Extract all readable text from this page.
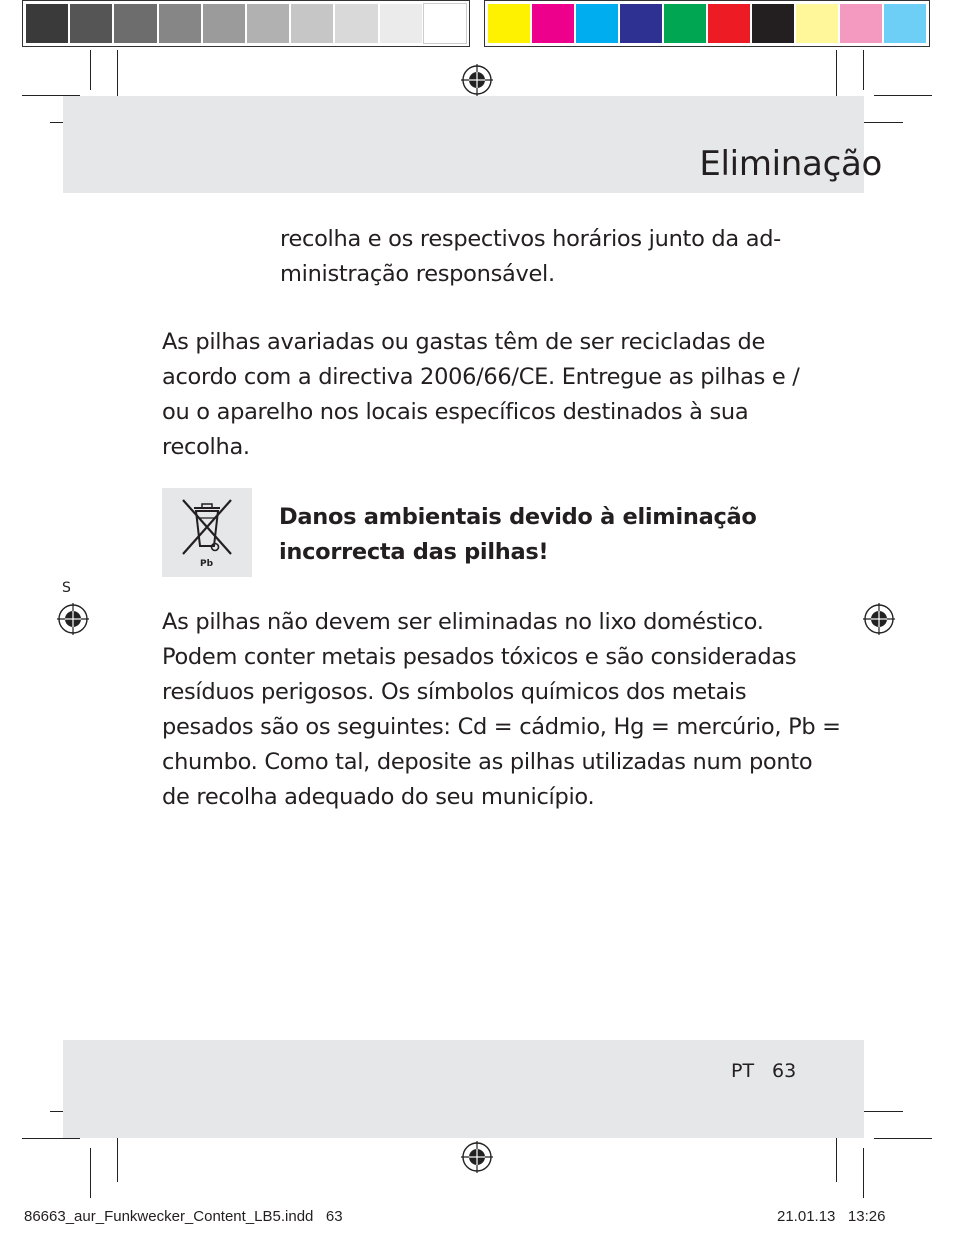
Eliminação
recolha e os respectivos horários junto da ad-ministração responsável.
As pilhas avariadas ou gastas têm de ser recicladas de acordo com a directiva 2006/66/CE. Entregue as pilhas e / ou o aparelho nos locais específicos destinados à sua recolha.
Pb
Danos ambientais devido à eliminação incorrecta das pilhas!
S
As pilhas não devem ser eliminadas no lixo doméstico. Podem conter metais pesados tóxicos e são consideradas resíduos perigosos. Os símbolos químicos dos metais pesados são os seguintes: Cd = cádmio, Hg = mercúrio, Pb = chumbo. Como tal, deposite as pilhas utilizadas num ponto de recolha adequado do seu município.
PT 63
86663_aur_Funkwecker_Content_LB5.indd   63	21.01.13   13:26
